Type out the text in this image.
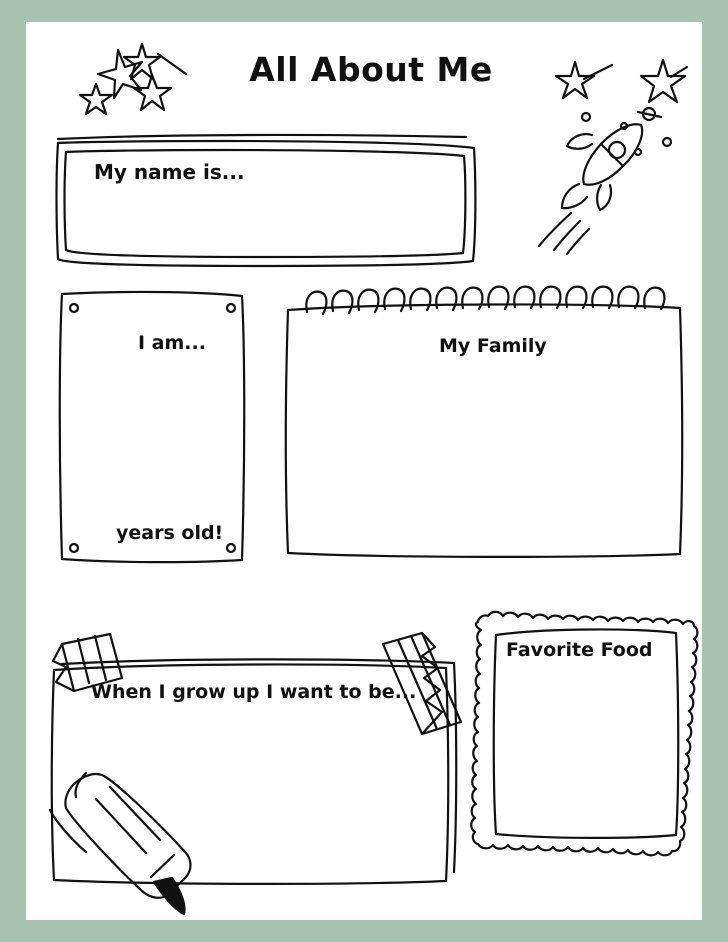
All About Me
My name is...
I am...
years old!
My Family
When I grow up I want to be...
Favorite Food
